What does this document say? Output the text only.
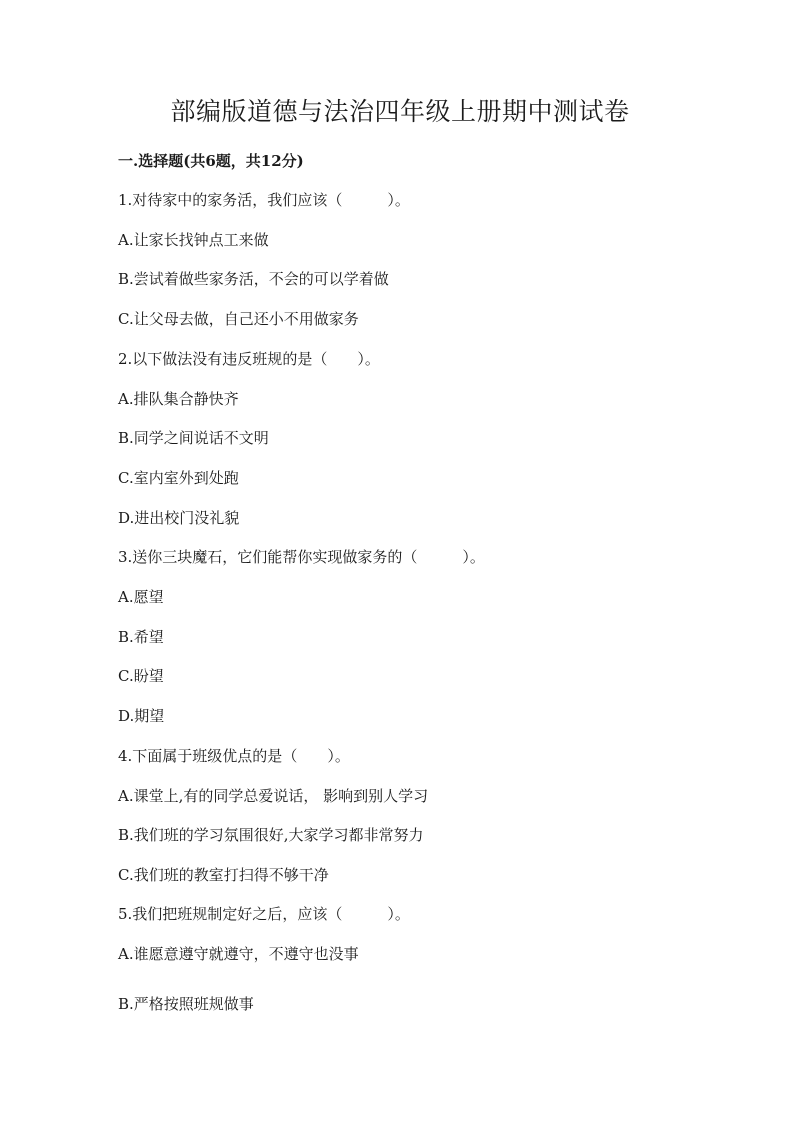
部编版道德与法治四年级上册期中测试卷
一.选择题(共6题，共12分)
1.对待家中的家务活，我们应该（　　　）。
A.让家长找钟点工来做
B.尝试着做些家务活，不会的可以学着做
C.让父母去做，自己还小不用做家务
2.以下做法没有违反班规的是（　　）。
A.排队集合静快齐
B.同学之间说话不文明
C.室内室外到处跑
D.进出校门没礼貌
3.送你三块魔石，它们能帮你实现做家务的（　　　）。
A.愿望
B.希望
C.盼望
D.期望
4.下面属于班级优点的是（　　）。
A.课堂上,有的同学总爱说话， 影响到别人学习
B.我们班的学习氛围很好,大家学习都非常努力
C.我们班的教室打扫得不够干净
5.我们把班规制定好之后，应该（　　　）。
A.谁愿意遵守就遵守，不遵守也没事
B.严格按照班规做事
